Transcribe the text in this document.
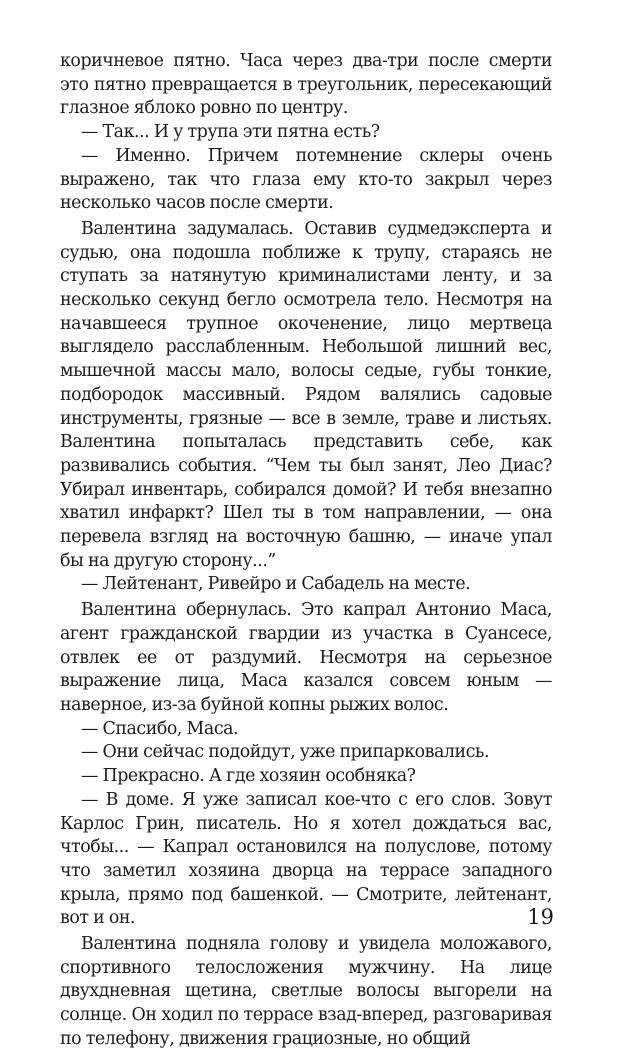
коричневое пятно. Часа через два-три после смерти это пятно превращается в треугольник, пересекающий глазное яблоко ровно по центру.

— Так... И у трупа эти пятна есть?

— Именно. Причем потемнение склеры очень выражено, так что глаза ему кто-то закрыл через несколько часов после смерти.

Валентина задумалась. Оставив судмедэксперта и судью, она подошла поближе к трупу, стараясь не ступать за натянутую криминалистами ленту, и за несколько секунд бегло осмотрела тело. Несмотря на начавшееся трупное окоченение, лицо мертвеца выглядело расслабленным. Небольшой лишний вес, мышечной массы мало, волосы седые, губы тонкие, подбородок массивный. Рядом валялись садовые инструменты, грязные — все в земле, траве и листьях. Валентина попыталась представить себе, как развивались события. “Чем ты был занят, Лео Диас? Убирал инвентарь, собирался домой? И тебя внезапно хватил инфаркт? Шел ты в том направлении, — она перевела взгляд на восточную башню, — иначе упал бы на другую сторону...”

— Лейтенант, Ривейро и Сабадель на месте.

Валентина обернулась. Это капрал Антонио Маса, агент гражданской гвардии из участка в Суансесе, отвлек ее от раздумий. Несмотря на серьезное выражение лица, Маса казался совсем юным — наверное, из-за буйной копны рыжих волос.

— Спасибо, Маса.

— Они сейчас подойдут, уже припарковались.

— Прекрасно. А где хозяин особняка?

— В доме. Я уже записал кое-что с его слов. Зовут Карлос Грин, писатель. Но я хотел дождаться вас, чтобы... — Капрал остановился на полуслове, потому что заметил хозяина дворца на террасе западного крыла, прямо под башенкой. — Смотрите, лейтенант, вот и он.

Валентина подняла голову и увидела моложавого, спортивного телосложения мужчину. На лице двухдневная щетина, светлые волосы выгорели на солнце. Он ходил по террасе взад-вперед, разговаривая по телефону, движения грациозные, но общий

19
